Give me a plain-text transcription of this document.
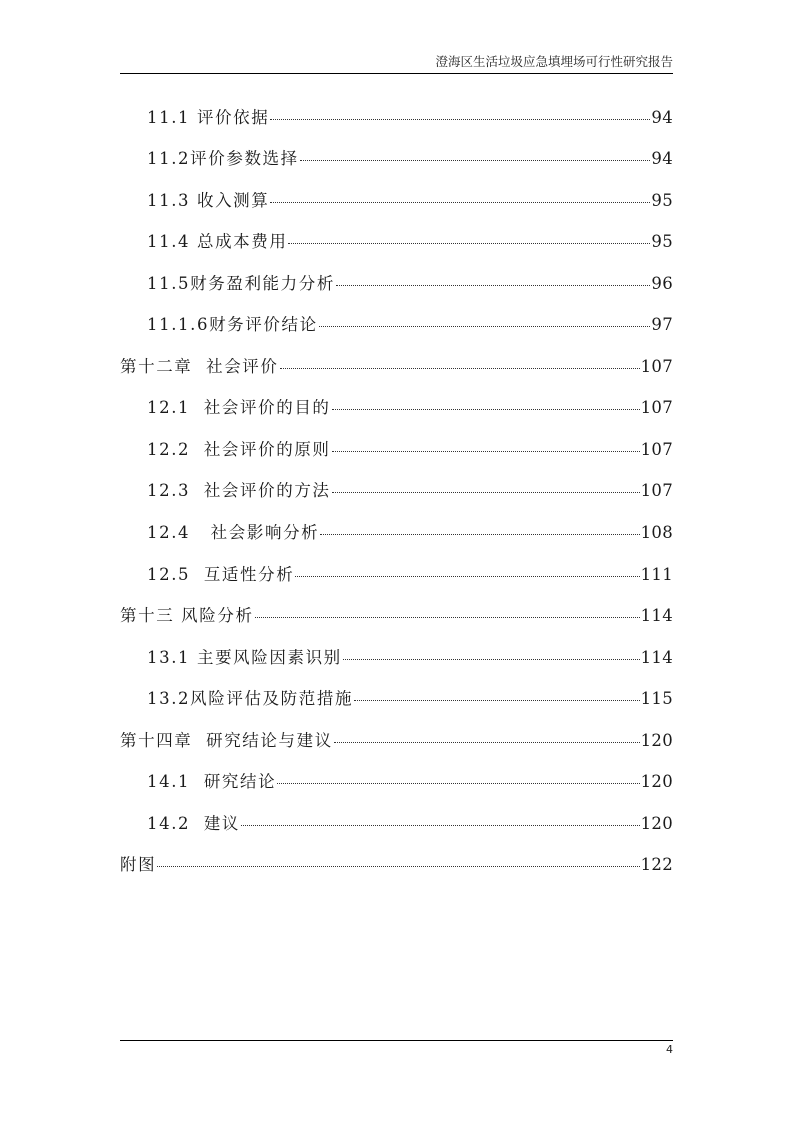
澄海区生活垃圾应急填埋场可行性研究报告
11.1 评价依据	94
11.2评价参数选择	94
11.3 收入测算	95
11.4 总成本费用	95
11.5财务盈利能力分析	96
11.1.6财务评价结论	97
第十二章  社会评价	107
12.1  社会评价的目的	107
12.2  社会评价的原则	107
12.3  社会评价的方法	107
12.4   社会影响分析	108
12.5  互适性分析	111
第十三 风险分析	114
13.1 主要风险因素识别	114
13.2风险评估及防范措施	115
第十四章  研究结论与建议	120
14.1  研究结论	120
14.2  建议	120
附图	122
4
